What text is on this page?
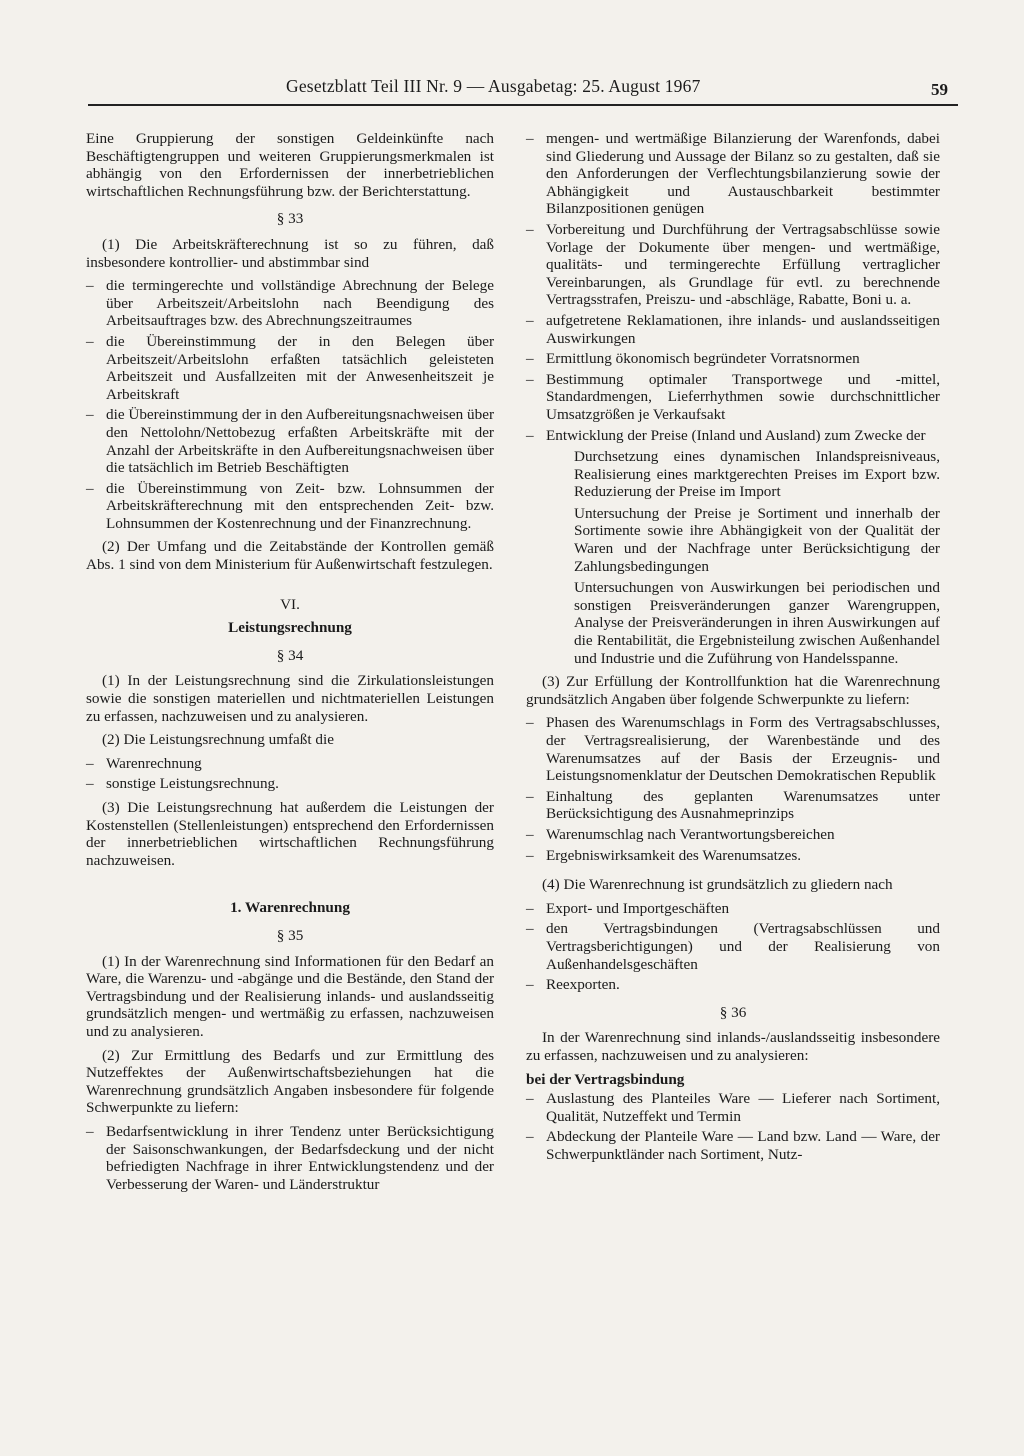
Gesetzblatt Teil III Nr. 9 — Ausgabetag: 25. August 1967	59

Eine Gruppierung der sonstigen Geldeinkünfte nach Beschäftigtengruppen und weiteren Gruppierungsmerkmalen ist abhängig von den Erfordernissen der innerbetrieblichen wirtschaftlichen Rechnungsführung bzw. der Berichterstattung.

§ 33

(1) Die Arbeitskräfterechnung ist so zu führen, daß insbesondere kontrollier- und abstimmbar sind

– die termingerechte und vollständige Abrechnung der Belege über Arbeitszeit/Arbeitslohn nach Beendigung des Arbeitsauftrages bzw. des Abrechnungszeitraumes
– die Übereinstimmung der in den Belegen über Arbeitszeit/Arbeitslohn erfaßten tatsächlich geleisteten Arbeitszeit und Ausfallzeiten mit der Anwesenheitszeit je Arbeitskraft
– die Übereinstimmung der in den Aufbereitungsnachweisen über den Nettolohn/Nettobezug erfaßten Arbeitskräfte mit der Anzahl der Arbeitskräfte in den Aufbereitungsnachweisen über die tatsächlich im Betrieb Beschäftigten
– die Übereinstimmung von Zeit- bzw. Lohnsummen der Arbeitskräfterechnung mit den entsprechenden Zeit- bzw. Lohnsummen der Kostenrechnung und der Finanzrechnung.

(2) Der Umfang und die Zeitabstände der Kontrollen gemäß Abs. 1 sind von dem Ministerium für Außenwirtschaft festzulegen.

VI.
Leistungsrechnung
§ 34

(1) In der Leistungsrechnung sind die Zirkulationsleistungen sowie die sonstigen materiellen und nichtmateriellen Leistungen zu erfassen, nachzuweisen und zu analysieren.

(2) Die Leistungsrechnung umfaßt die

– Warenrechnung
– sonstige Leistungsrechnung.

(3) Die Leistungsrechnung hat außerdem die Leistungen der Kostenstellen (Stellenleistungen) entsprechend den Erfordernissen der innerbetrieblichen wirtschaftlichen Rechnungsführung nachzuweisen.

1. Warenrechnung
§ 35

(1) In der Warenrechnung sind Informationen für den Bedarf an Ware, die Warenzu- und -abgänge und die Bestände, den Stand der Vertragsbindung und der Realisierung inlands- und auslandsseitig grundsätzlich mengen- und wertmäßig zu erfassen, nachzuweisen und zu analysieren.

(2) Zur Ermittlung des Bedarfs und zur Ermittlung des Nutzeffektes der Außenwirtschaftsbeziehungen hat die Warenrechnung grundsätzlich Angaben insbesondere für folgende Schwerpunkte zu liefern:

– Bedarfsentwicklung in ihrer Tendenz unter Berücksichtigung der Saisonschwankungen, der Bedarfsdeckung und der nicht befriedigten Nachfrage in ihrer Entwicklungstendenz und der Verbesserung der Waren- und Länderstruktur
– mengen- und wertmäßige Bilanzierung der Warenfonds, dabei sind Gliederung und Aussage der Bilanz so zu gestalten, daß sie den Anforderungen der Verflechtungsbilanzierung sowie der Abhängigkeit und Austauschbarkeit bestimmter Bilanzpositionen genügen
– Vorbereitung und Durchführung der Vertragsabschlüsse sowie Vorlage der Dokumente über mengen- und wertmäßige, qualitäts- und termingerechte Erfüllung vertraglicher Vereinbarungen, als Grundlage für evtl. zu berechnende Vertragsstrafen, Preiszu- und -abschläge, Rabatte, Boni u. a.
– aufgetretene Reklamationen, ihre inlands- und auslandsseitigen Auswirkungen
– Ermittlung ökonomisch begründeter Vorratsnormen
– Bestimmung optimaler Transportwege und -mittel, Standardmengen, Lieferrhythmen sowie durchschnittlicher Umsatzgrößen je Verkaufsakt
– Entwicklung der Preise (Inland und Ausland) zum Zwecke der

Durchsetzung eines dynamischen Inlandspreisniveaus, Realisierung eines marktgerechten Preises im Export bzw. Reduzierung der Preise im Import

Untersuchung der Preise je Sortiment und innerhalb der Sortimente sowie ihre Abhängigkeit von der Qualität der Waren und der Nachfrage unter Berücksichtigung der Zahlungsbedingungen

Untersuchungen von Auswirkungen bei periodischen und sonstigen Preisveränderungen ganzer Warengruppen, Analyse der Preisveränderungen in ihren Auswirkungen auf die Rentabilität, die Ergebnisteilung zwischen Außenhandel und Industrie und die Zuführung von Handelsspanne.

(3) Zur Erfüllung der Kontrollfunktion hat die Warenrechnung grundsätzlich Angaben über folgende Schwerpunkte zu liefern:

– Phasen des Warenumschlags in Form des Vertragsabschlusses, der Vertragsrealisierung, der Warenbestände und des Warenumsatzes auf der Basis der Erzeugnis- und Leistungsnomenklatur der Deutschen Demokratischen Republik
– Einhaltung des geplanten Warenumsatzes unter Berücksichtigung des Ausnahmeprinzips
– Warenumschlag nach Verantwortungsbereichen
– Ergebniswirksamkeit des Warenumsatzes.

(4) Die Warenrechnung ist grundsätzlich zu gliedern nach

– Export- und Importgeschäften
– den Vertragsbindungen (Vertragsabschlüssen und Vertragsberichtigungen) und der Realisierung von Außenhandelsgeschäften
– Reexporten.
§ 36

In der Warenrechnung sind inlands-/auslandsseitig insbesondere zu erfassen, nachzuweisen und zu analysieren:

bei der Vertragsbindung
– Auslastung des Planteiles Ware — Lieferer nach Sortiment, Qualität, Nutzeffekt und Termin
– Abdeckung der Planteile Ware — Land bzw. Land — Ware, der Schwerpunktländer nach Sortiment, Nutz-
